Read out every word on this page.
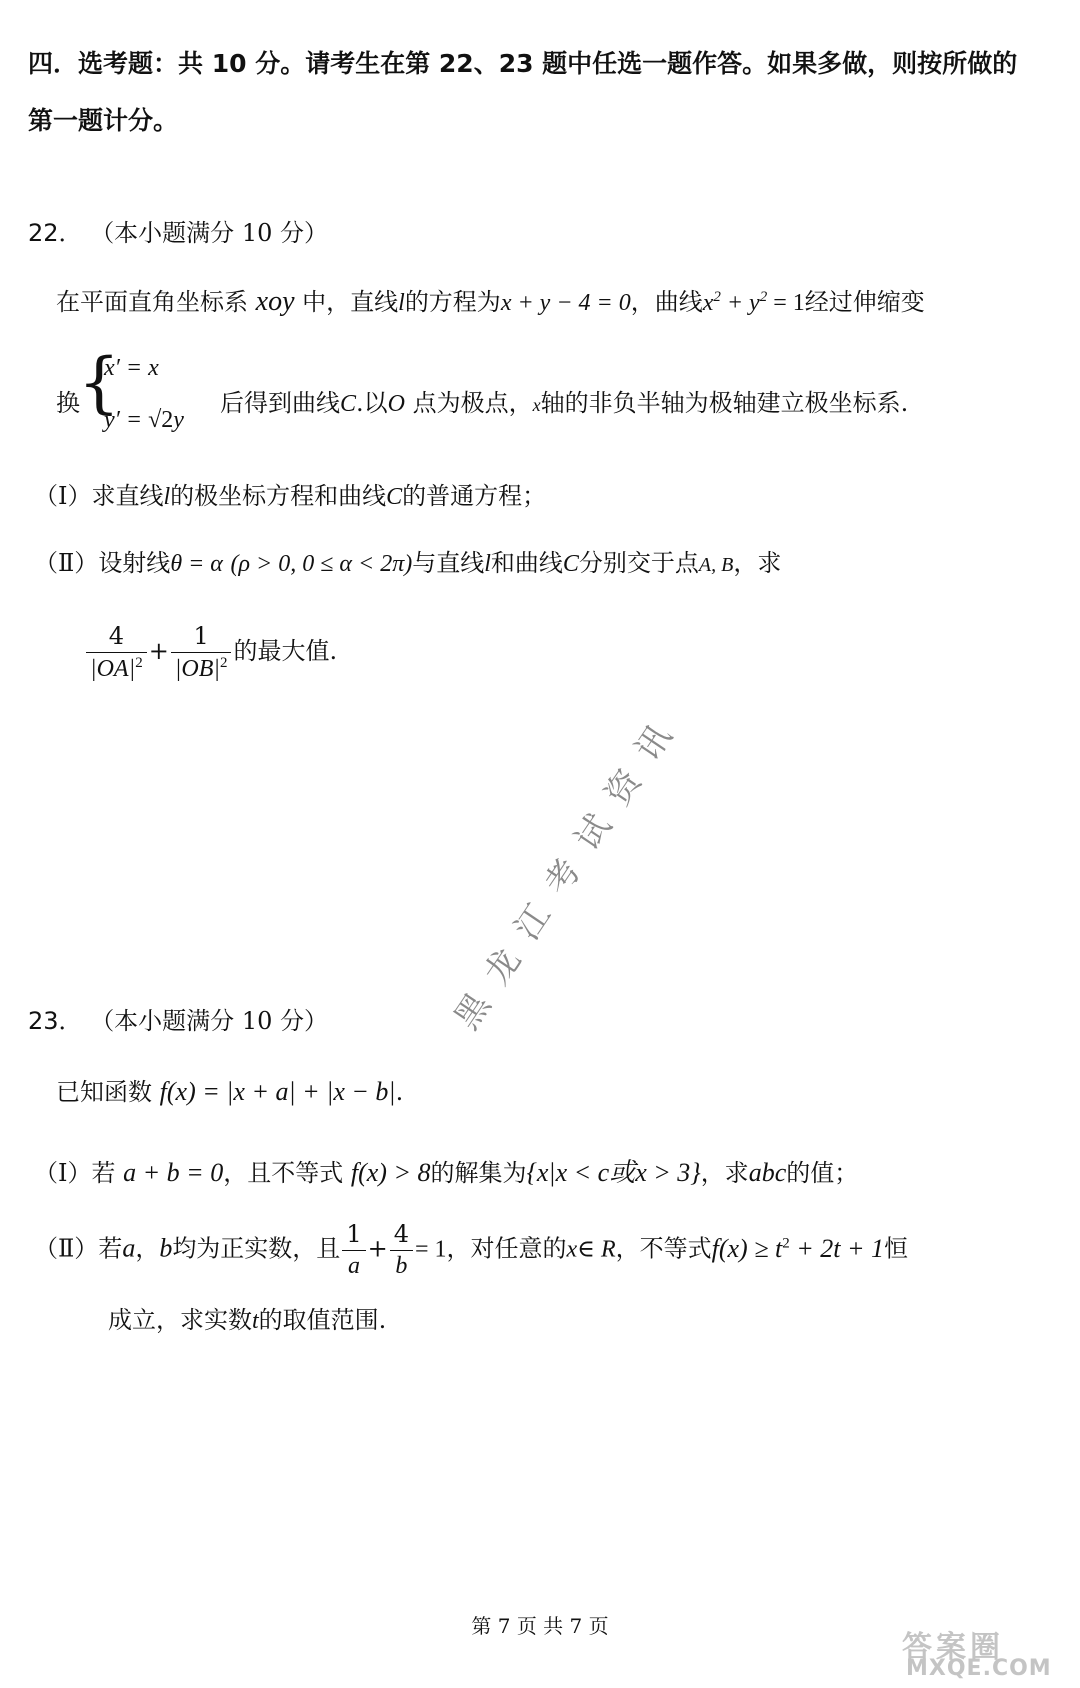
四．选考题：共 10 分。请考生在第 22、23 题中任选一题作答。如果多做，则按所做的
第一题计分。
22． （本小题满分 10 分）
在平面直角坐标系 xoy 中，直线l的方程为x + y − 4 = 0，曲线$x^2 + y^2 = 1$经过伸缩变
换
{
x′ = x
y′ = √2y
后得到曲线C.以O 点为极点，x轴的非负半轴为极轴建立极坐标系.
（Ⅰ）求直线l的极坐标方程和曲线C的普通方程；
（Ⅱ）设射线θ = α (ρ > 0, 0 ≤ α < 2π)与直线l和曲线C分别交于点A, B，求
$\frac{4}{|OA|^2} + \frac{1}{|OB|^2}$ 的最大值.
黑龙江考试资讯
23． （本小题满分 10 分）
已知函数 f(x) = |x + a| + |x − b|.
（Ⅰ）若 a + b = 0，且不等式 f(x) > 8的解集为{x|x < c或x > 3}，求abc的值；
（Ⅱ）若a，b均为正实数，且 $\frac{1}{a} + \frac{4}{b} = 1$，对任意的x∈ R，不等式$f(x) \ge t^2 + 2t + 1$恒
成立，求实数t的取值范围.
第 7 页 共 7 页
答案圈
MXQE.COM
